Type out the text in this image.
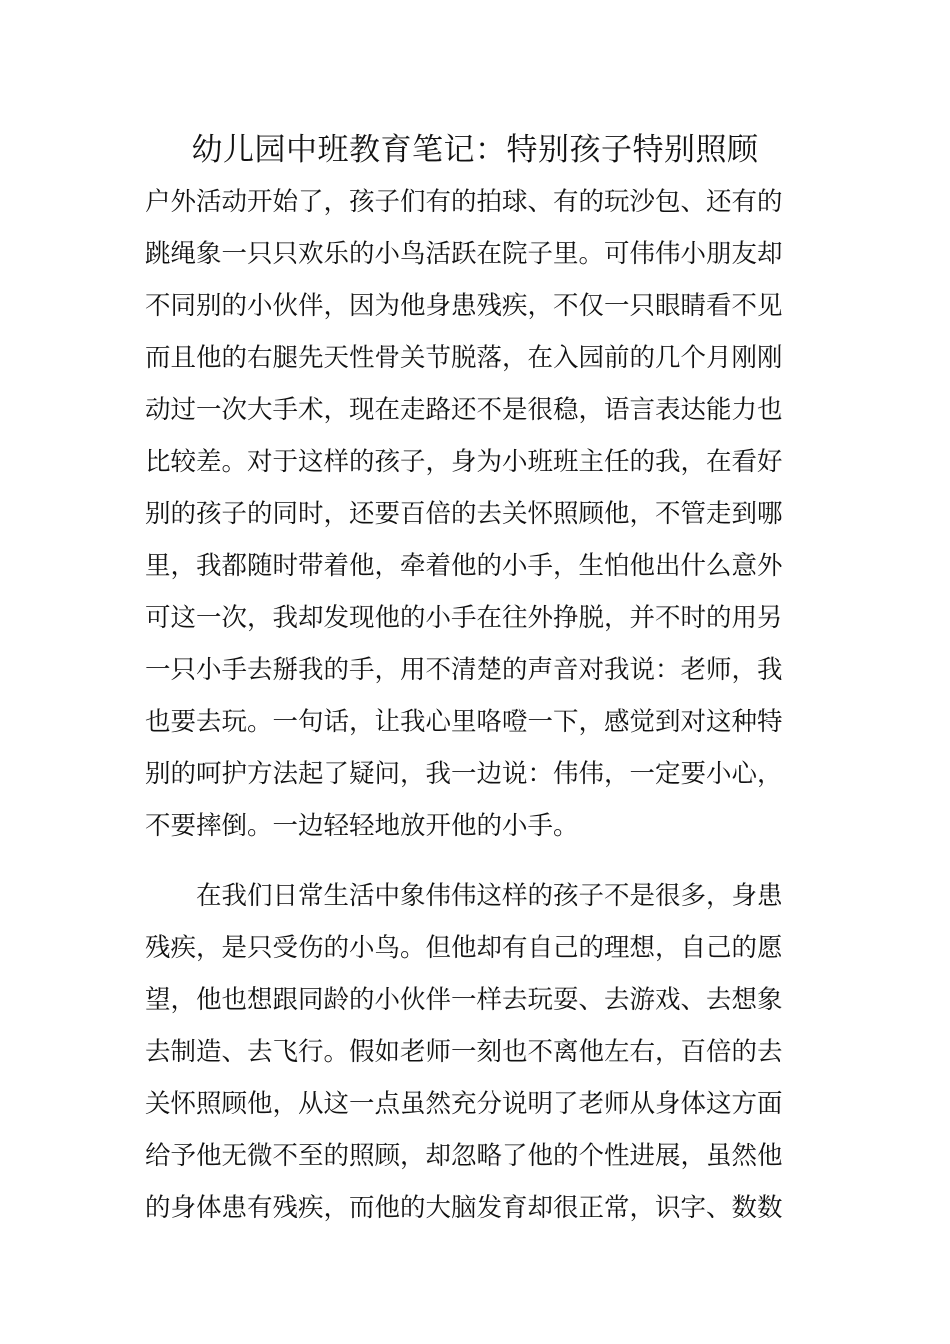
幼儿园中班教育笔记：特别孩子特别照顾
户外活动开始了，孩子们有的拍球、有的玩沙包、还有的
跳绳象一只只欢乐的小鸟活跃在院子里。可伟伟小朋友却
不同别的小伙伴，因为他身患残疾，不仅一只眼睛看不见
而且他的右腿先天性骨关节脱落，在入园前的几个月刚刚
动过一次大手术，现在走路还不是很稳，语言表达能力也
比较差。对于这样的孩子，身为小班班主任的我，在看好
别的孩子的同时，还要百倍的去关怀照顾他，不管走到哪
里，我都随时带着他，牵着他的小手，生怕他出什么意外
可这一次，我却发现他的小手在往外挣脱，并不时的用另
一只小手去掰我的手，用不清楚的声音对我说：老师，我
也要去玩。一句话，让我心里咯噔一下，感觉到对这种特
别的呵护方法起了疑问，我一边说：伟伟，一定要小心，
不要摔倒。一边轻轻地放开他的小手。
　　在我们日常生活中象伟伟这样的孩子不是很多，身患
残疾，是只受伤的小鸟。但他却有自己的理想，自己的愿
望，他也想跟同龄的小伙伴一样去玩耍、去游戏、去想象
去制造、去飞行。假如老师一刻也不离他左右，百倍的去
关怀照顾他，从这一点虽然充分说明了老师从身体这方面
给予他无微不至的照顾，却忽略了他的个性进展，虽然他
的身体患有残疾，而他的大脑发育却很正常，识字、数数
